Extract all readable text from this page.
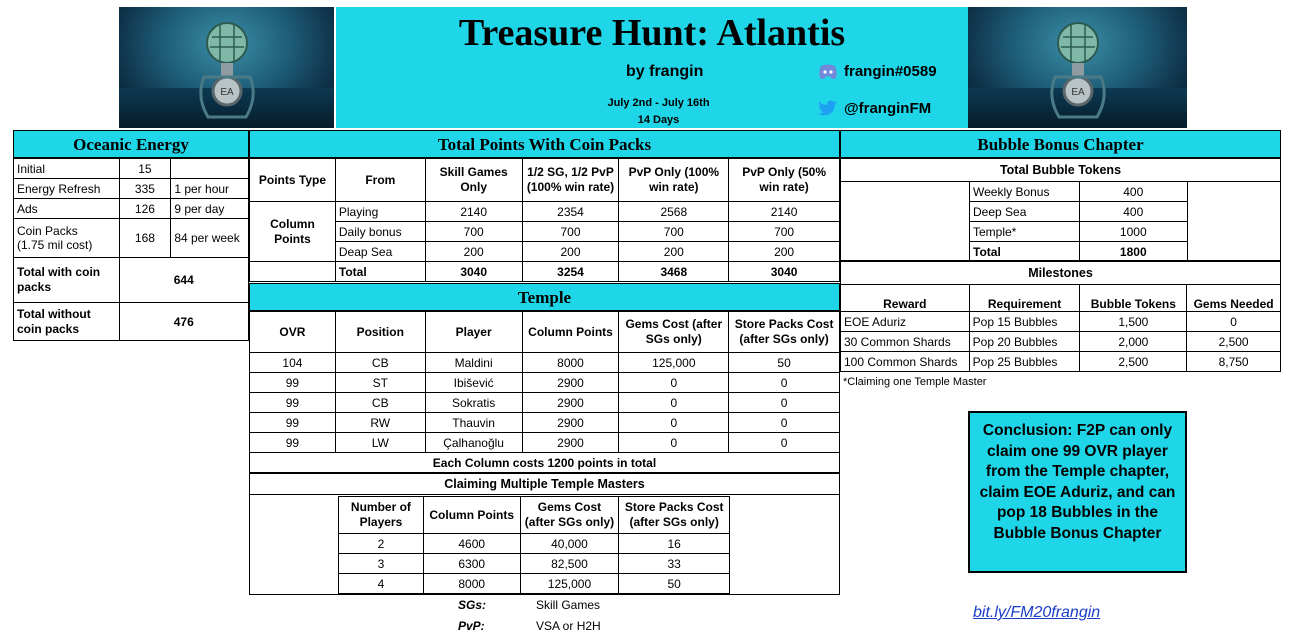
EA
Treasure Hunt: Atlantis
by frangin
July 2nd - July 16th
14 Days
frangin#0589
@franginFM
EA
Oceanic Energy
Initial	15	
Energy Refresh	335	1 per hour
Ads	126	9 per day

Coin Packs
(1.75 mil cost)	168	84 per week
Total with coin packs	644	
Total without coin packs	476	
Total Points With Coin Packs
Points Type	From	Skill Games Only	1/2 SG, 1/2 PvP (100% win rate)	PvP Only (100% win rate)	PvP Only (50% win rate)
Column Points	Playing	2140	2354	2568	2140
	Daily bonus	700	700	700	700
	Deap Sea	200	200	200	200
	Total	3040	3254	3468	3040
Temple
OVR	Position	Player	Column Points	Gems Cost (after SGs only)	Store Packs Cost (after SGs only)
104	CB	Maldini	8000	125,000	50
99	ST	Ibišević	2900	0	0
99	CB	Sokratis	2900	0	0
99	RW	Thauvin	2900	0	0
99	LW	Çalhanoğlu	2900	0	0
Each Column costs 1200 points in total					
Claiming Multiple Temple Masters
Number of Players	Column Points	Gems Cost (after SGs only)	Store Packs Cost (after SGs only)
2	4600	40,000	16
3	6300	82,500	33
4	8000	125,000	50
SGs:	Skill Games
PvP:	VSA or H2H
Bubble Bonus Chapter
Total Bubble Tokens
Weekly Bonus	400
Deep Sea	400
Temple*	1000
Total	1800
Milestones
Reward	Requirement	Bubble Tokens	Gems Needed
EOE Aduriz	Pop 15 Bubbles	1,500	0
30 Common Shards	Pop 20 Bubbles	2,000	2,500
100 Common Shards	Pop 25 Bubbles	2,500	8,750
*Claiming one Temple Master
Conclusion: F2P can only claim one 99 OVR player from the Temple chapter, claim EOE Aduriz, and can pop 18 Bubbles in the Bubble Bonus Chapter
bit.ly/FM20frangin
